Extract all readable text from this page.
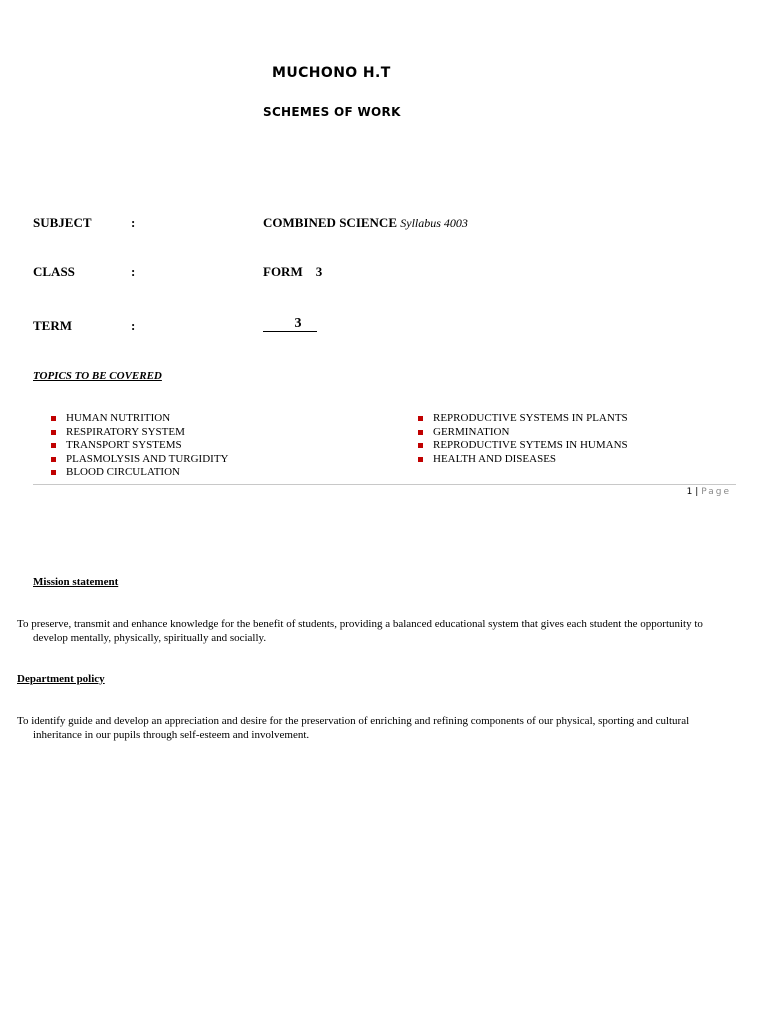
MUCHONO H.T
SCHEMES OF WORK
SUBJECT	:	COMBINED SCIENCE Syllabus 4003
CLASS	:	FORM    3
TERM	:	3
TOPICS TO BE COVERED
HUMAN NUTRITION
RESPIRATORY SYSTEM
TRANSPORT SYSTEMS
PLASMOLYSIS AND TURGIDITY
BLOOD CIRCULATION
REPRODUCTIVE SYSTEMS IN PLANTS
GERMINATION
REPRODUCTIVE SYTEMS IN HUMANS
HEALTH AND DISEASES
1 | Page
Mission statement
To preserve, transmit and enhance knowledge for the benefit of students, providing a balanced educational system that gives each student the opportunity to develop mentally, physically, spiritually and socially.
Department policy
To identify guide and develop an appreciation and desire for the preservation of enriching and refining components of our physical, sporting and cultural inheritance in our pupils through self-esteem and involvement.
